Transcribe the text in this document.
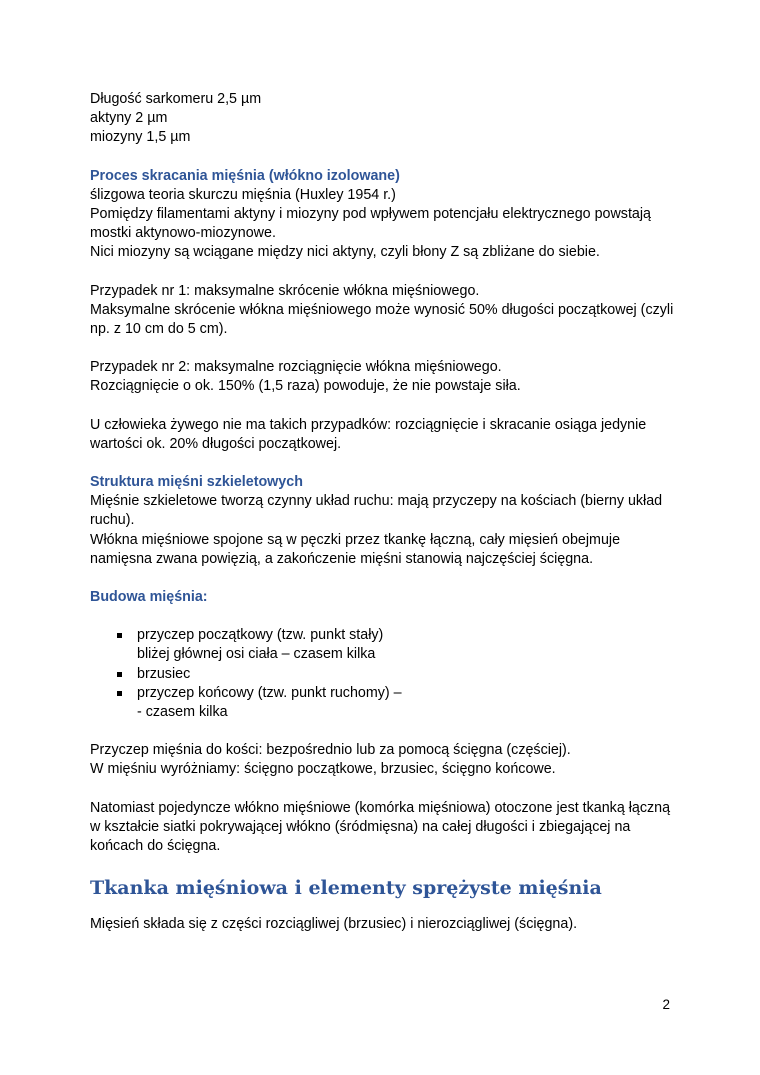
Długość sarkomeru 2,5 µm
aktyny 2 µm
miozyny 1,5 µm
Proces skracania mięśnia (włókno izolowane)
ślizgowa teoria skurczu mięśnia (Huxley 1954 r.)
Pomiędzy filamentami aktyny i miozyny pod wpływem potencjału elektrycznego powstają
mostki aktynowo-miozynowe.
Nici miozyny są wciągane między nici aktyny, czyli błony Z są zbliżane do siebie.
Przypadek nr 1: maksymalne skrócenie włókna mięśniowego.
Maksymalne skrócenie włókna mięśniowego może wynosić 50% długości początkowej (czyli
np. z 10 cm do 5 cm).
Przypadek nr 2: maksymalne rozciągnięcie włókna mięśniowego.
Rozciągnięcie o ok. 150% (1,5 raza) powoduje, że nie powstaje siła.
U człowieka żywego nie ma takich przypadków: rozciągnięcie i skracanie osiąga jedynie
wartości ok. 20% długości początkowej.
Struktura mięśni szkieletowych
Mięśnie szkieletowe tworzą czynny układ ruchu: mają przyczepy na kościach (bierny układ
ruchu).
Włókna mięśniowe spojone są w pęczki przez tkankę łączną, cały mięsień obejmuje
namięsna zwana powięzią, a zakończenie mięśni stanowią najczęściej ścięgna.
Budowa mięśnia:
przyczep początkowy (tzw. punkt stały)
bliżej głównej osi ciała – czasem kilka
brzusiec
przyczep końcowy (tzw. punkt ruchomy) –
- czasem kilka
Przyczep mięśnia do kości: bezpośrednio lub za pomocą ścięgna (częściej).
W mięśniu wyróżniamy: ścięgno początkowe, brzusiec, ścięgno końcowe.
Natomiast pojedyncze włókno mięśniowe (komórka mięśniowa) otoczone jest tkanką łączną
w kształcie siatki pokrywającej włókno (śródmięsna) na całej długości i zbiegającej na
końcach do ścięgna.
Tkanka mięśniowa i elementy sprężyste mięśnia
Mięsień składa się z części rozciągliwej (brzusiec) i nierozciągliwej (ścięgna).
2
